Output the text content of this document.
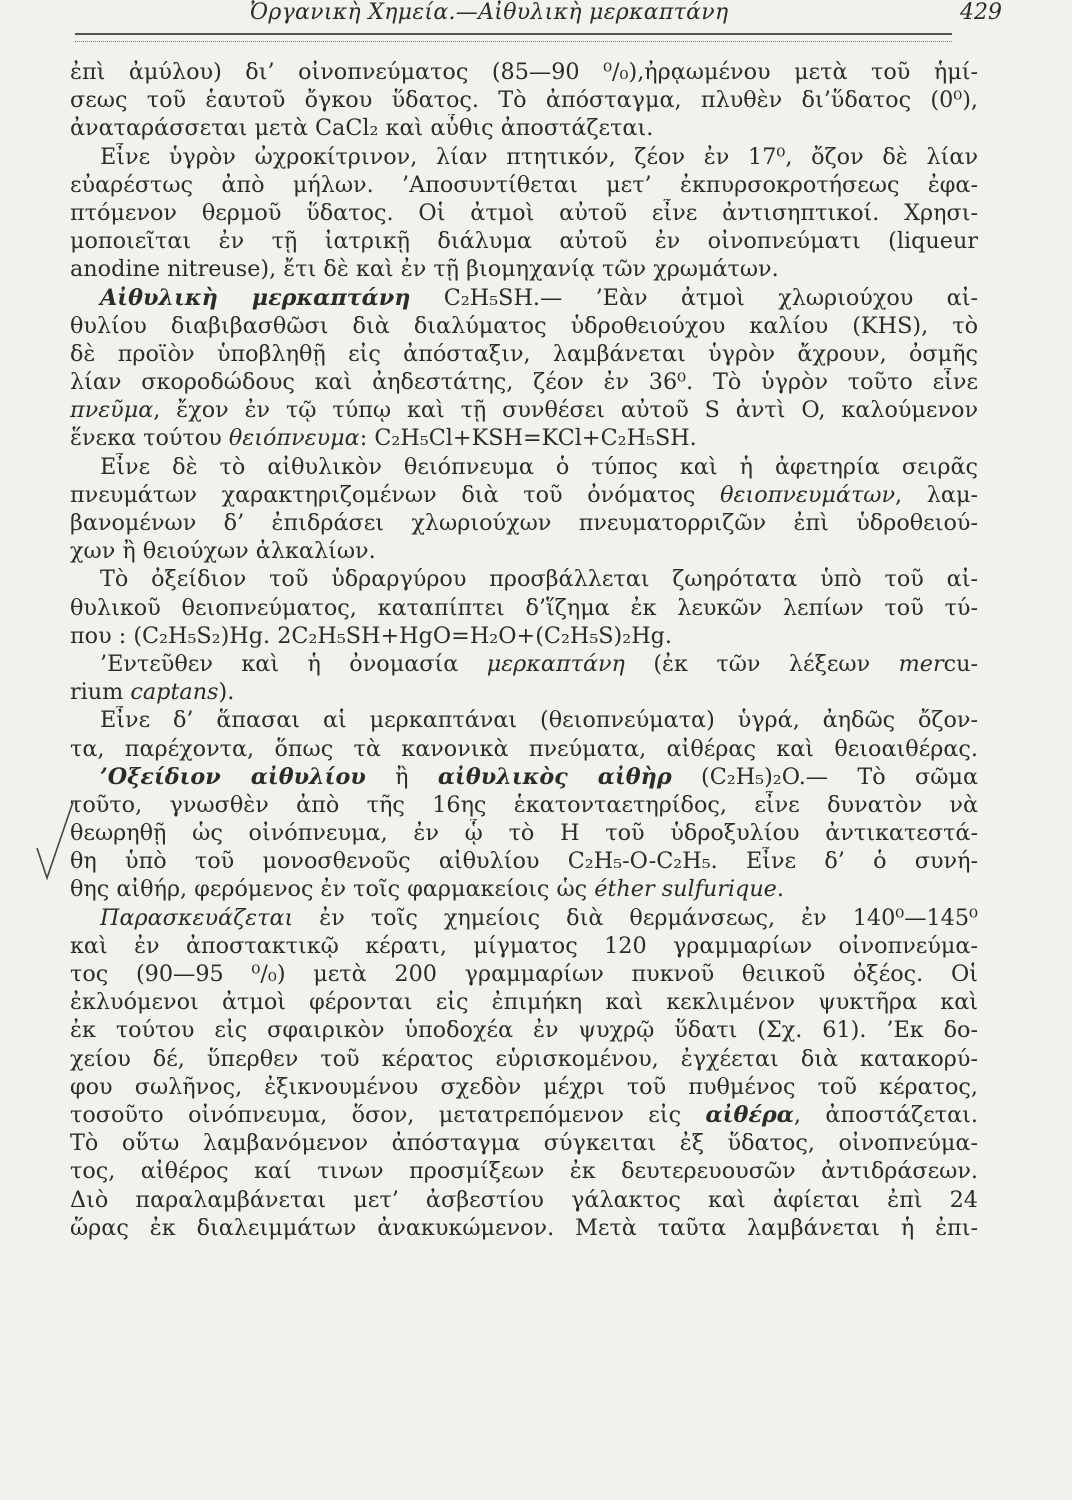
Ὀργανικὴ Χημεία.—Αἰθυλικὴ μερκαπτάνη	429
ἐπὶ ἀμύλου) δι’ οἰνοπνεύματος (85—90 ⁰/₀),ἠρᾳωμένου μετὰ τοῦ ἡμί-
σεως τοῦ ἑαυτοῦ ὄγκου ὕδατος. Τὸ ἀπόσταγμα, πλυθὲν δι’ὕδατος (0⁰),
ἀναταράσσεται μετὰ CaCl₂ καὶ αὖθις ἀποστάζεται.
Εἶνε ὑγρὸν ὠχροκίτρινον, λίαν πτητικόν, ζέον ἐν 17⁰, ὄζον δὲ λίαν
εὐαρέστως ἀπὸ μήλων. ’Αποσυντίθεται μετ’ ἐκπυρσοκροτήσεως ἐφα-
πτόμενον θερμοῦ ὕδατος. Οἱ ἀτμοὶ αὐτοῦ εἶνε ἀντισηπτικοί. Χρησι-
μοποιεῖται ἐν τῇ ἰατρικῇ διάλυμα αὐτοῦ ἐν οἰνοπνεύματι (liqueur
anodine nitreuse), ἔτι δὲ καὶ ἐν τῇ βιομηχανίᾳ τῶν χρωμάτων.
Αἰθυλικὴ μερκαπτάνη C₂H₅SH.— ’Εὰν ἀτμοὶ χλωριούχου αἰ-
θυλίου διαβιβασθῶσι διὰ διαλύματος ὑδροθειούχου καλίου (KHS), τὸ
δὲ προϊὸν ὑποβληθῇ εἰς ἀπόσταξιν, λαμβάνεται ὑγρὸν ἄχρουν, ὀσμῆς
λίαν σκοροδώδους καὶ ἀηδεστάτης, ζέον ἐν 36⁰. Τὸ ὑγρὸν τοῦτο εἶνε
πνεῦμα, ἔχον ἐν τῷ τύπῳ καὶ τῇ συνθέσει αὐτοῦ S ἀντὶ O, καλούμενον
ἕνεκα τούτου θειόπνευμα: C₂H₅Cl+KSH=KCl+C₂H₅SH.
Εἶνε δὲ τὸ αἰθυλικὸν θειόπνευμα ὁ τύπος καὶ ἡ ἀφετηρία σειρᾶς
πνευμάτων χαρακτηριζομένων διὰ τοῦ ὀνόματος θειοπνευμάτων, λαμ-
βανομένων δ’ ἐπιδράσει χλωριούχων πνευματορριζῶν ἐπὶ ὑδροθειού-
χων ἢ θειούχων ἀλκαλίων.
Τὸ ὀξείδιον τοῦ ὑδραργύρου προσβάλλεται ζωηρότατα ὑπὸ τοῦ αἰ-
θυλικοῦ θειοπνεύματος, καταπίπτει δ’ἵζημα ἐκ λευκῶν λεπίων τοῦ τύ-
που : (C₂H₅S₂)Hg. 2C₂H₅SH+HgO=H₂O+(C₂H₅S)₂Hg.
’Εντεῦθεν καὶ ἡ ὀνομασία μερκαπτάνη (ἐκ τῶν λέξεων mercu-
rium captans).
Εἶνε δ’ ἅπασαι αἱ μερκαπτάναι (θειοπνεύματα) ὑγρά, ἀηδῶς ὄζον-
τα, παρέχοντα, ὅπως τὰ κανονικὰ πνεύματα, αἰθέρας καὶ θειοαιθέρας.
’Οξείδιον αἰθυλίου ἢ αἰθυλικὸς αἰθὴρ (C₂H₅)₂O.— Τὸ σῶμα
τοῦτο, γνωσθὲν ἀπὸ τῆς 16ης ἑκατονταετηρίδος, εἶνε δυνατὸν νὰ
θεωρηθῇ ὡς οἰνόπνευμα, ἐν ᾧ τὸ H τοῦ ὑδροξυλίου ἀντικατεστά-
θη ὑπὸ τοῦ μονοσθενοῦς αἰθυλίου C₂H₅-O-C₂H₅. Εἶνε δ’ ὁ συνή-
θης αἰθήρ, φερόμενος ἐν τοῖς φαρμακείοις ὡς éther sulfurique.
Παρασκευάζεται ἐν τοῖς χημείοις διὰ θερμάνσεως, ἐν 140⁰—145⁰
καὶ ἐν ἀποστακτικῷ κέρατι, μίγματος 120 γραμμαρίων οἰνοπνεύμα-
τος (90—95 ⁰/₀) μετὰ 200 γραμμαρίων πυκνοῦ θειικοῦ ὀξέος. Οἱ
ἐκλυόμενοι ἀτμοὶ φέρονται εἰς ἐπιμήκη καὶ κεκλιμένον ψυκτῆρα καὶ
ἐκ τούτου εἰς σφαιρικὸν ὑποδοχέα ἐν ψυχρῷ ὕδατι (Σχ. 61). ’Εκ δο-
χείου δέ, ὕπερθεν τοῦ κέρατος εὑρισκομένου, ἐγχέεται διὰ κατακορύ-
φου σωλῆνος, ἐξικνουμένου σχεδὸν μέχρι τοῦ πυθμένος τοῦ κέρατος,
τοσοῦτο οἰνόπνευμα, ὅσον, μετατρεπόμενον εἰς αἰθέρα, ἀποστάζεται.
Τὸ οὕτω λαμβανόμενον ἀπόσταγμα σύγκειται ἐξ ὕδατος, οἰνοπνεύμα-
τος, αἰθέρος καί τινων προσμίξεων ἐκ δευτερευουσῶν ἀντιδράσεων.
Διὸ παραλαμβάνεται μετ’ ἀσβεστίου γάλακτος καὶ ἀφίεται ἐπὶ 24
ὥρας ἐκ διαλειμμάτων ἀνακυκώμενον. Μετὰ ταῦτα λαμβάνεται ἡ ἐπι-
